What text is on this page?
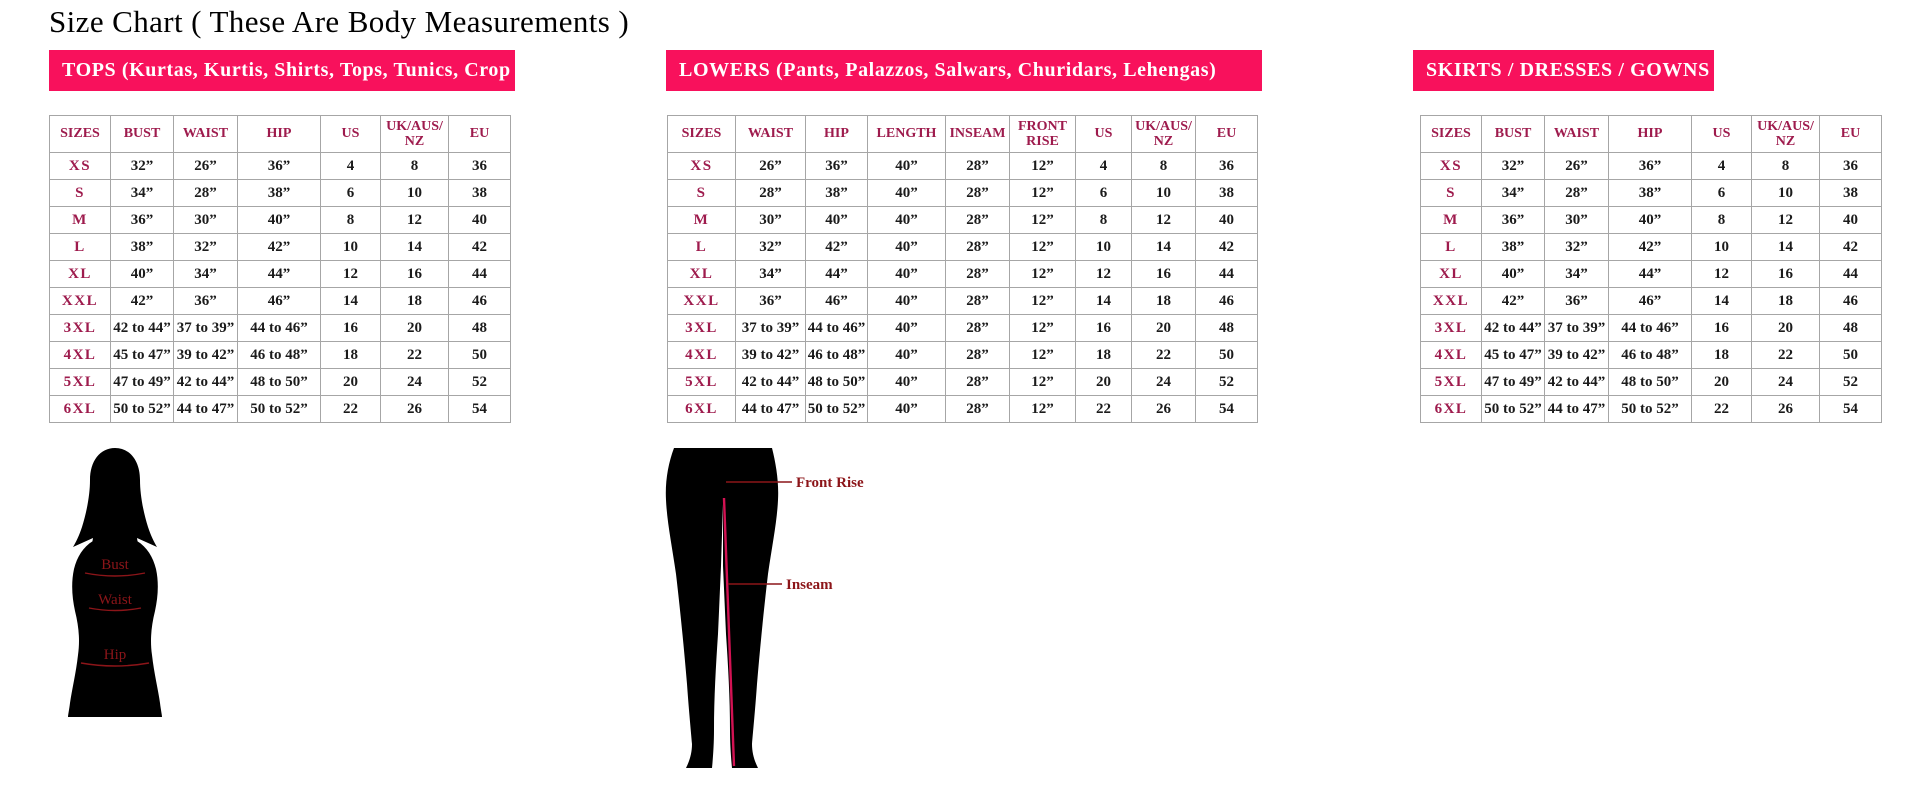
Size Chart ( These Are Body Measurements )
TOPS (Kurtas, Kurtis, Shirts, Tops, Tunics, Crop Tops)	LOWERS (Pants, Palazzos, Salwars, Churidars, Lehengas)	SKIRTS / DRESSES / GOWNS
SIZES	BUST	WAIST	HIP	US	UK/AUS/ NZ	EU
XS	32”	26”	36”	4	8	36
S	34”	28”	38”	6	10	38
M	36”	30”	40”	8	12	40
L	38”	32”	42”	10	14	42
XL	40”	34”	44”	12	16	44
XXL	42”	36”	46”	14	18	46
3XL	42 to 44”	37 to 39”	44 to 46”	16	20	48
4XL	45 to 47”	39 to 42”	46 to 48”	18	22	50
5XL	47 to 49”	42 to 44”	48 to 50”	20	24	52
6XL	50 to 52”	44 to 47”	50 to 52”	22	26	54
SIZES	WAIST	HIP	LENGTH	INSEAM	FRONT RISE	US	UK/AUS/ NZ	EU
XS	26”	36”	40”	28”	12”	4	8	36
S	28”	38”	40”	28”	12”	6	10	38
M	30”	40”	40”	28”	12”	8	12	40
L	32”	42”	40”	28”	12”	10	14	42
XL	34”	44”	40”	28”	12”	12	16	44
XXL	36”	46”	40”	28”	12”	14	18	46
3XL	37 to 39”	44 to 46”	40”	28”	12”	16	20	48
4XL	39 to 42”	46 to 48”	40”	28”	12”	18	22	50
5XL	42 to 44”	48 to 50”	40”	28”	12”	20	24	52
6XL	44 to 47”	50 to 52”	40”	28”	12”	22	26	54
SIZES	BUST	WAIST	HIP	US	UK/AUS/ NZ	EU
XS	32”	26”	36”	4	8	36
S	34”	28”	38”	6	10	38
M	36”	30”	40”	8	12	40
L	38”	32”	42”	10	14	42
XL	40”	34”	44”	12	16	44
XXL	42”	36”	46”	14	18	46
3XL	42 to 44”	37 to 39”	44 to 46”	16	20	48
4XL	45 to 47”	39 to 42”	46 to 48”	18	22	50
5XL	47 to 49”	42 to 44”	48 to 50”	20	24	52
6XL	50 to 52”	44 to 47”	50 to 52”	22	26	54
Bust
Waist
Hip
Front Rise
Inseam
